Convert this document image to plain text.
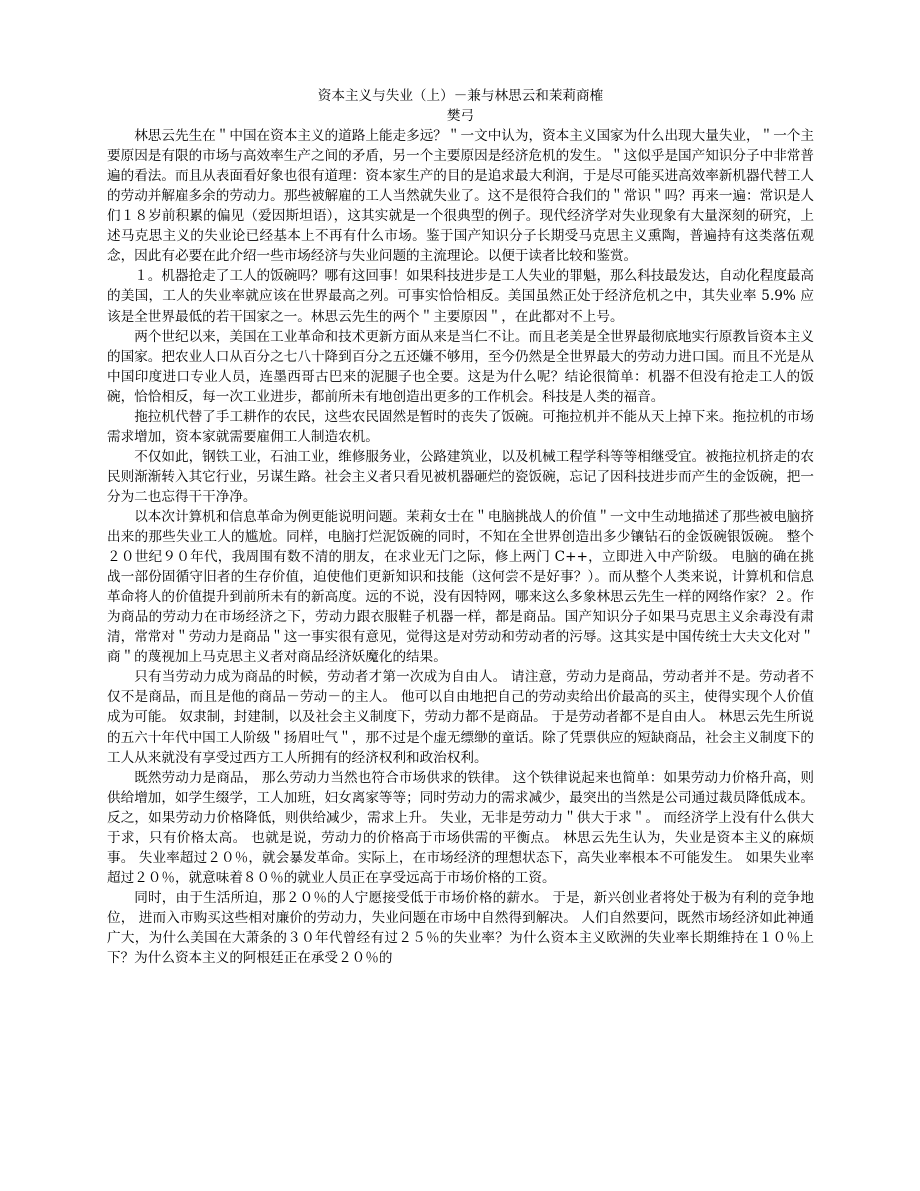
资本主义与失业（上）－兼与林思云和茉莉商榷
樊弓

林思云先生在＂中国在资本主义的道路上能走多远？＂一文中认为，资本主义国家为什么出现大量失业，＂一个主要原因是有限的市场与高效率生产之间的矛盾，另一个主要原因是经济危机的发生。＂这似乎是国产知识分子中非常普遍的看法。而且从表面看好象也很有道理：资本家生产的目的是追求最大利润，于是尽可能买进高效率新机器代替工人的劳动并解雇多余的劳动力。那些被解雇的工人当然就失业了。这不是很符合我们的＂常识＂吗？再来一遍：常识是人们１８岁前积累的偏见（爱因斯坦语），这其实就是一个很典型的例子。现代经济学对失业现象有大量深刻的研究，上述马克思主义的失业论已经基本上不再有什么市场。鉴于国产知识分子长期受马克思主义熏陶，普遍持有这类落伍观念，因此有必要在此介绍一些市场经济与失业问题的主流理论。以便于读者比较和鉴赏。

１。机器抢走了工人的饭碗吗？哪有这回事！如果科技进步是工人失业的罪魁，那么科技最发达，自动化程度最高的美国，工人的失业率就应该在世界最高之列。可事实恰恰相反。美国虽然正处于经济危机之中，其失业率 5.9% 应该是全世界最低的若干国家之一。林思云先生的两个＂主要原因＂，在此都对不上号。

两个世纪以来，美国在工业革命和技术更新方面从来是当仁不让。而且老美是全世界最彻底地实行原教旨资本主义的国家。把农业人口从百分之七八十降到百分之五还嫌不够用，至今仍然是全世界最大的劳动力进口国。而且不光是从中国印度进口专业人员，连墨西哥古巴来的泥腿子也全要。这是为什么呢？结论很简单：机器不但没有抢走工人的饭碗，恰恰相反，每一次工业进步，都前所未有地创造出更多的工作机会。科技是人类的福音。

拖拉机代替了手工耕作的农民，这些农民固然是暂时的丧失了饭碗。可拖拉机并不能从天上掉下来。拖拉机的市场需求增加，资本家就需要雇佣工人制造农机。

不仅如此，钢铁工业，石油工业，维修服务业，公路建筑业，以及机械工程学科等等相继受宜。被拖拉机挤走的农民则渐渐转入其它行业，另谋生路。社会主义者只看见被机器砸烂的瓷饭碗，忘记了因科技进步而产生的金饭碗，把一分为二也忘得干干净净。

以本次计算机和信息革命为例更能说明问题。茉莉女士在＂电脑挑战人的价值＂一文中生动地描述了那些被电脑挤出来的那些失业工人的尴尬。同样，电脑打烂泥饭碗的同时，不知在全世界创造出多少镶钻石的金饭碗银饭碗。 整个２０世纪９０年代，我周围有数不清的朋友，在求业无门之际，修上两门 C++，立即进入中产阶级。 电脑的确在挑战一部份固循守旧者的生存价值，迫使他们更新知识和技能（这何尝不是好事？）。而从整个人类来说，计算机和信息革命将人的价值提升到前所未有的新高度。远的不说，没有因特网，哪来这么多象林思云先生一样的网络作家？２。作为商品的劳动力在市场经济之下，劳动力跟衣服鞋子机器一样，都是商品。国产知识分子如果马克思主义余毒没有肃清，常常对＂劳动力是商品＂这一事实很有意见，觉得这是对劳动和劳动者的污辱。这其实是中国传统士大夫文化对＂商＂的蔑视加上马克思主义者对商品经济妖魔化的结果。

只有当劳动力成为商品的时候，劳动者才第一次成为自由人。 请注意，劳动力是商品，劳动者并不是。劳动者不仅不是商品，而且是他的商品－劳动－的主人。 他可以自由地把自己的劳动卖给出价最高的买主，使得实现个人价值成为可能。 奴隶制，封建制，以及社会主义制度下，劳动力都不是商品。 于是劳动者都不是自由人。 林思云先生所说的五六十年代中国工人阶级＂扬眉吐气＂，那不过是个虚无缥缈的童话。除了凭票供应的短缺商品，社会主义制度下的工人从来就没有享受过西方工人所拥有的经济权利和政治权利。

既然劳动力是商品， 那么劳动力当然也符合市场供求的铁律。 这个铁律说起来也简单：如果劳动力价格升高，则供给增加，如学生缀学，工人加班，妇女离家等等；同时劳动力的需求减少，最突出的当然是公司通过裁员降低成本。 反之，如果劳动力价格降低，则供给减少，需求上升。 失业，无非是劳动力＂供大于求＂。 而经济学上没有什么供大于求，只有价格太高。 也就是说，劳动力的价格高于市场供需的平衡点。 林思云先生认为，失业是资本主义的麻烦事。 失业率超过２０％，就会暴发革命。实际上，在市场经济的理想状态下，高失业率根本不可能发生。 如果失业率超过２０％，就意味着８０％的就业人员正在享受远高于市场价格的工资。

同时，由于生活所迫，那２０％的人宁愿接受低于市场价格的薪水。 于是，新兴创业者将处于极为有利的竞争地位， 进而入市购买这些相对廉价的劳动力，失业问题在市场中自然得到解决。 人们自然要问，既然市场经济如此神通广大，为什么美国在大萧条的３０年代曾经有过２５％的失业率？为什么资本主义欧洲的失业率长期维持在１０％上下？为什么资本主义的阿根廷正在承受２０％的
